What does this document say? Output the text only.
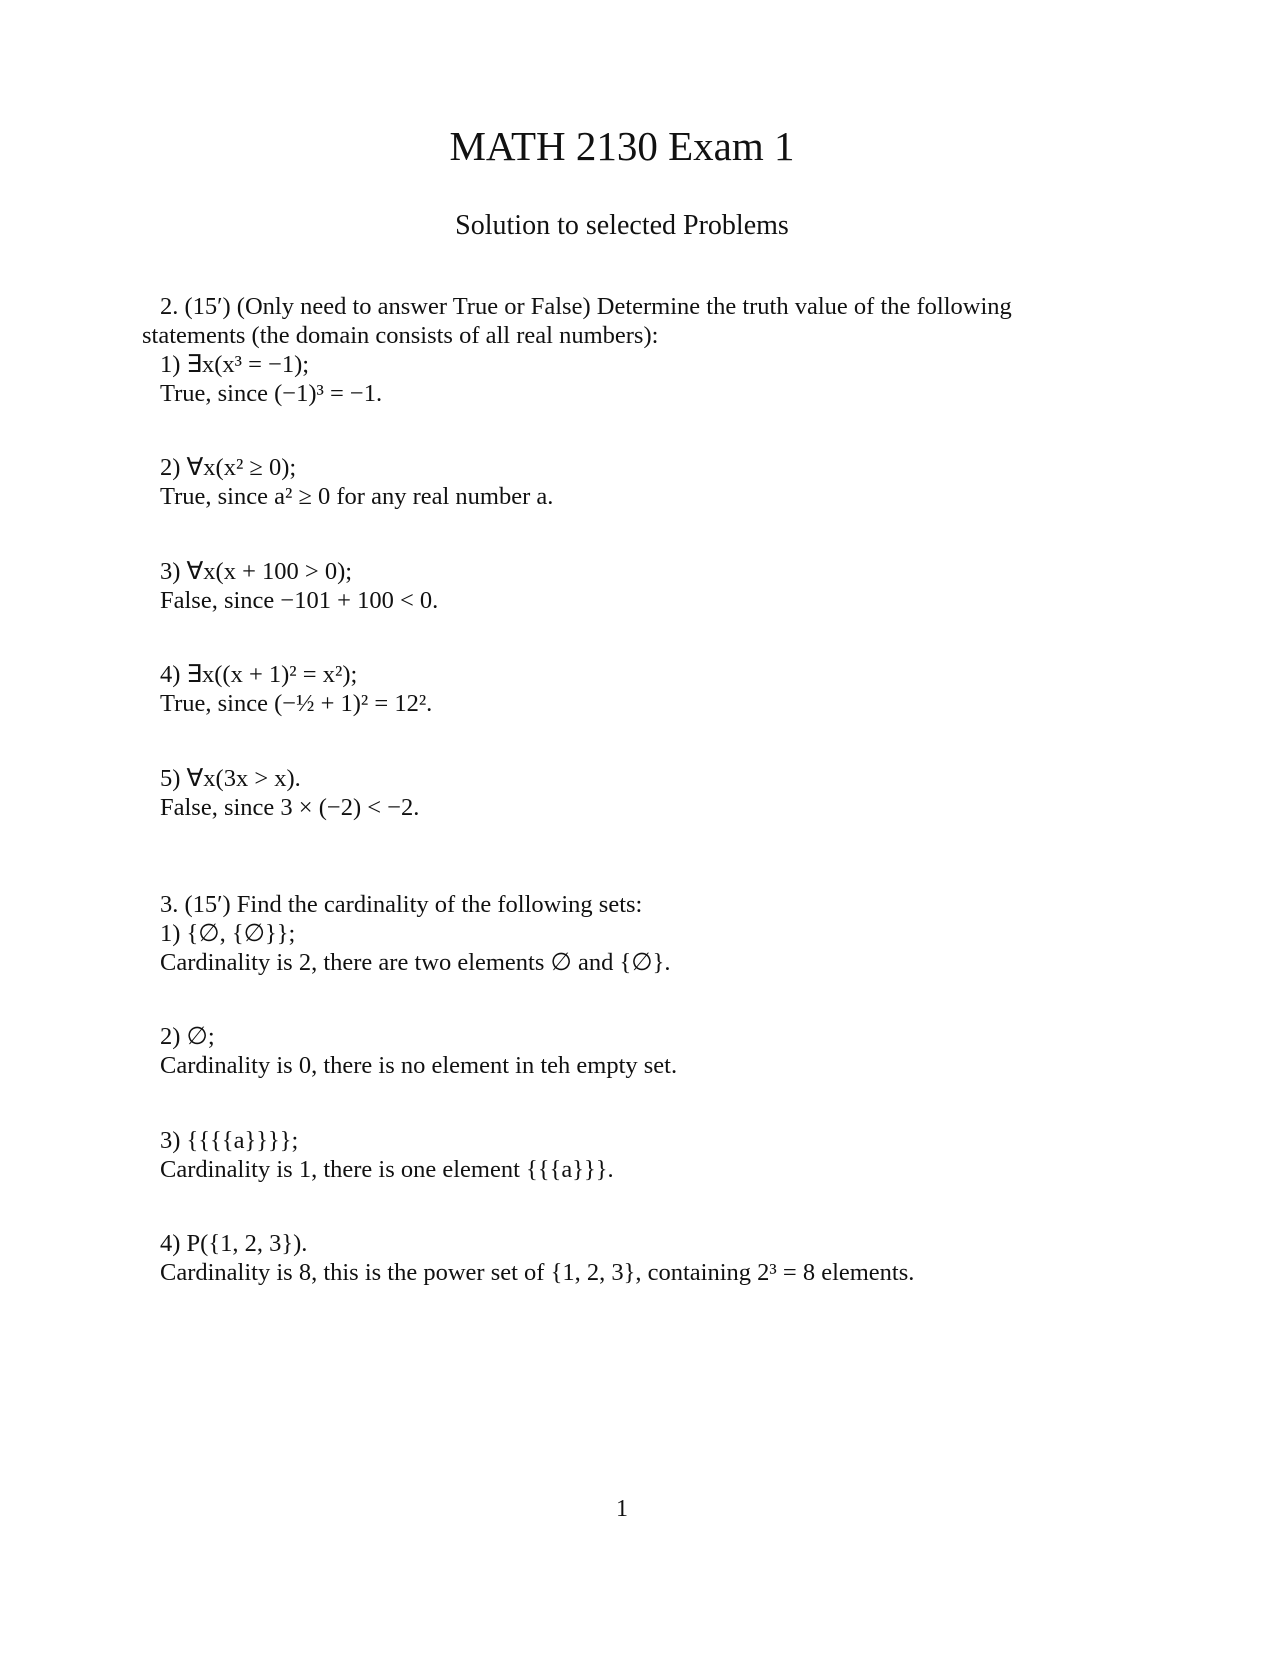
MATH 2130 Exam 1
Solution to selected Problems
2. (15′) (Only need to answer True or False) Determine the truth value of the following
statements (the domain consists of all real numbers):
1) ∃x(x³ = −1);
True, since (−1)³ = −1.
2) ∀x(x² ≥ 0);
True, since a² ≥ 0 for any real number a.
3) ∀x(x + 100 > 0);
False, since −101 + 100 < 0.
4) ∃x((x + 1)² = x²);
True, since (−½ + 1)² = 12².
5) ∀x(3x > x).
False, since 3 × (−2) < −2.
3. (15′) Find the cardinality of the following sets:
1) {∅, {∅}};
Cardinality is 2, there are two elements ∅ and {∅}.
2) ∅;
Cardinality is 0, there is no element in teh empty set.
3) {{{{a}}}};
Cardinality is 1, there is one element {{{a}}}.
4) P({1, 2, 3}).
Cardinality is 8, this is the power set of {1, 2, 3}, containing 2³ = 8 elements.
1
